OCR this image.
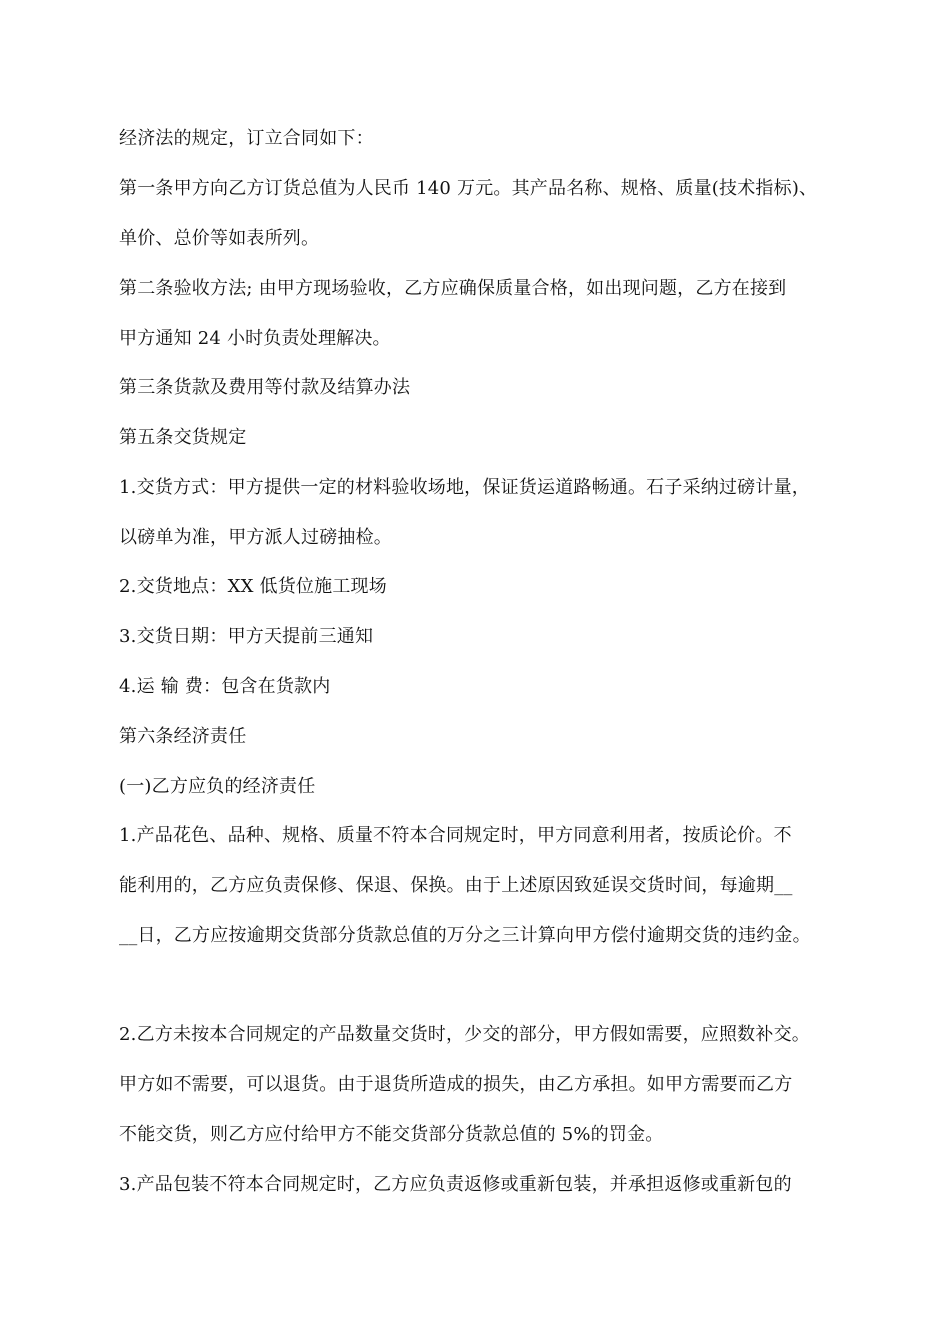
经济法的规定，订立合同如下：
第一条甲方向乙方订货总值为人民币 140 万元。其产品名称、规格、质量(技术指标)、
单价、总价等如表所列。
第二条验收方法; 由甲方现场验收，乙方应确保质量合格，如出现问题，乙方在接到
甲方通知 24 小时负责处理解决。
第三条货款及费用等付款及结算办法
第五条交货规定
1.交货方式：甲方提供一定的材料验收场地，保证货运道路畅通。石子采纳过磅计量，
以磅单为准，甲方派人过磅抽检。
2.交货地点：XX 低货位施工现场
3.交货日期：甲方天提前三通知
4.运 输 费：包含在货款内
第六条经济责任
(一)乙方应负的经济责任
1.产品花色、品种、规格、质量不符本合同规定时，甲方同意利用者，按质论价。不
能利用的，乙方应负责保修、保退、保换。由于上述原因致延误交货时间，每逾期__
__日，乙方应按逾期交货部分货款总值的万分之三计算向甲方偿付逾期交货的违约金。
2.乙方未按本合同规定的产品数量交货时，少交的部分，甲方假如需要，应照数补交。
甲方如不需要，可以退货。由于退货所造成的损失，由乙方承担。如甲方需要而乙方
不能交货，则乙方应付给甲方不能交货部分货款总值的 5%的罚金。
3.产品包装不符本合同规定时，乙方应负责返修或重新包装，并承担返修或重新包的
